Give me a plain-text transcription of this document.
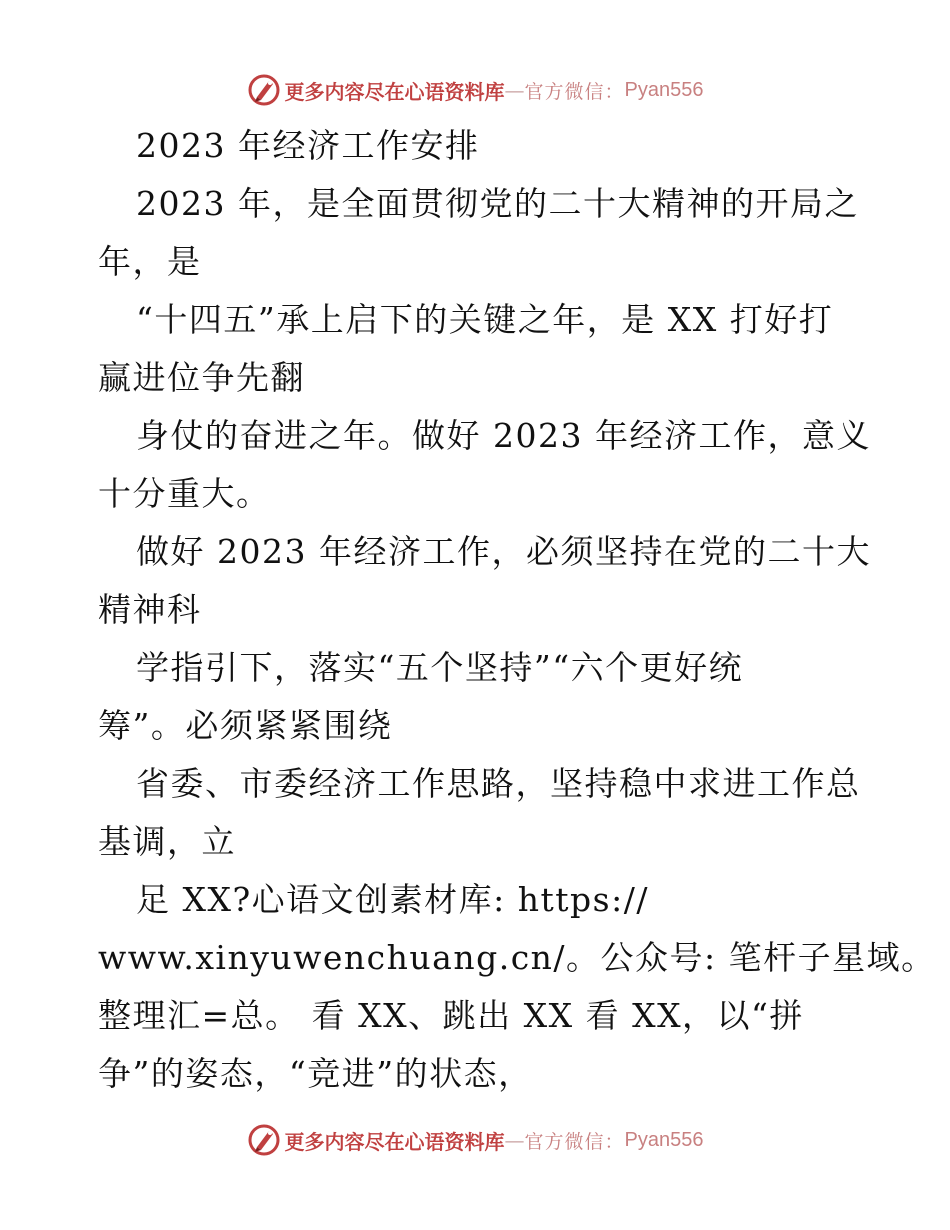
更多内容尽在心语资料库 — 官方微信： Pyan556
2023 年经济工作安排
2023 年，是全面贯彻党的二十大精神的开局之
年，是
“十四五”承上启下的关键之年，是 XX 打好打
赢进位争先翻
身仗的奋进之年。做好 2023 年经济工作，意义
十分重大。
做好 2023 年经济工作，必须坚持在党的二十大
精神科
学指引下，落实“五个坚持”“六个更好统
筹”。必须紧紧围绕
省委、市委经济工作思路，坚持稳中求进工作总
基调，立
足 XX?心语文创素材库: https://
www.xinyuwenchuang.cn/。公众号: 笔杆子星域。
整理汇=总。 看 XX、跳出 XX 看 XX，以“拼
争”的姿态，“竞进”的状态，
更多内容尽在心语资料库 — 官方微信： Pyan556
